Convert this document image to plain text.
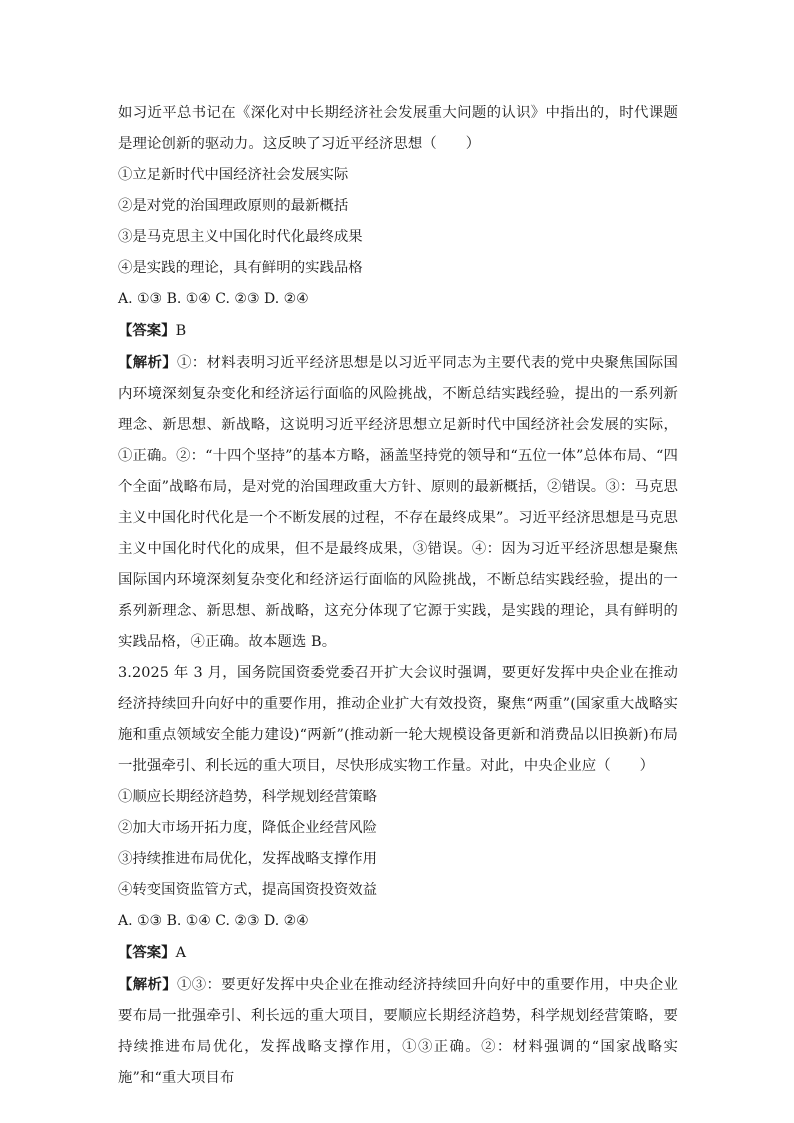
如习近平总书记在《深化对中长期经济社会发展重大问题的认识》中指出的，时代课题是理论创新的驱动力。这反映了习近平经济思想（　　）

①立足新时代中国经济社会发展实际

②是对党的治国理政原则的最新概括

③是马克思主义中国化时代化最终成果

④是实践的理论，具有鲜明的实践品格

A. ①③ B. ①④ C. ②③ D. ②④

【答案】B

【解析】①：材料表明习近平经济思想是以习近平同志为主要代表的党中央聚焦国际国内环境深刻复杂变化和经济运行面临的风险挑战，不断总结实践经验，提出的一系列新理念、新思想、新战略，这说明习近平经济思想立足新时代中国经济社会发展的实际，①正确。②：“十四个坚持”的基本方略，涵盖坚持党的领导和“五位一体”总体布局、“四个全面”战略布局，是对党的治国理政重大方针、原则的最新概括，②错误。③：马克思主义中国化时代化是一个不断发展的过程，不存在最终成果”。习近平经济思想是马克思主义中国化时代化的成果，但不是最终成果，③错误。④：因为习近平经济思想是聚焦国际国内环境深刻复杂变化和经济运行面临的风险挑战，不断总结实践经验，提出的一系列新理念、新思想、新战略，这充分体现了它源于实践，是实践的理论，具有鲜明的实践品格，④正确。故本题选 B。

3.2025 年 3 月，国务院国资委党委召开扩大会议时强调，要更好发挥中央企业在推动经济持续回升向好中的重要作用，推动企业扩大有效投资，聚焦“两重”(国家重大战略实施和重点领域安全能力建设)“两新”(推动新一轮大规模设备更新和消费品以旧换新)布局一批强牵引、利长远的重大项目，尽快形成实物工作量。对此，中央企业应（　　）

①顺应长期经济趋势，科学规划经营策略

②加大市场开拓力度，降低企业经营风险

③持续推进布局优化，发挥战略支撑作用

④转变国资监管方式，提高国资投资效益

A. ①③ B. ①④ C. ②③ D. ②④

【答案】A

【解析】①③：要更好发挥中央企业在推动经济持续回升向好中的重要作用，中央企业要布局一批强牵引、利长远的重大项目，要顺应长期经济趋势，科学规划经营策略，要持续推进布局优化，发挥战略支撑作用，①③正确。②：材料强调的“国家战略实施”和“重大项目布
